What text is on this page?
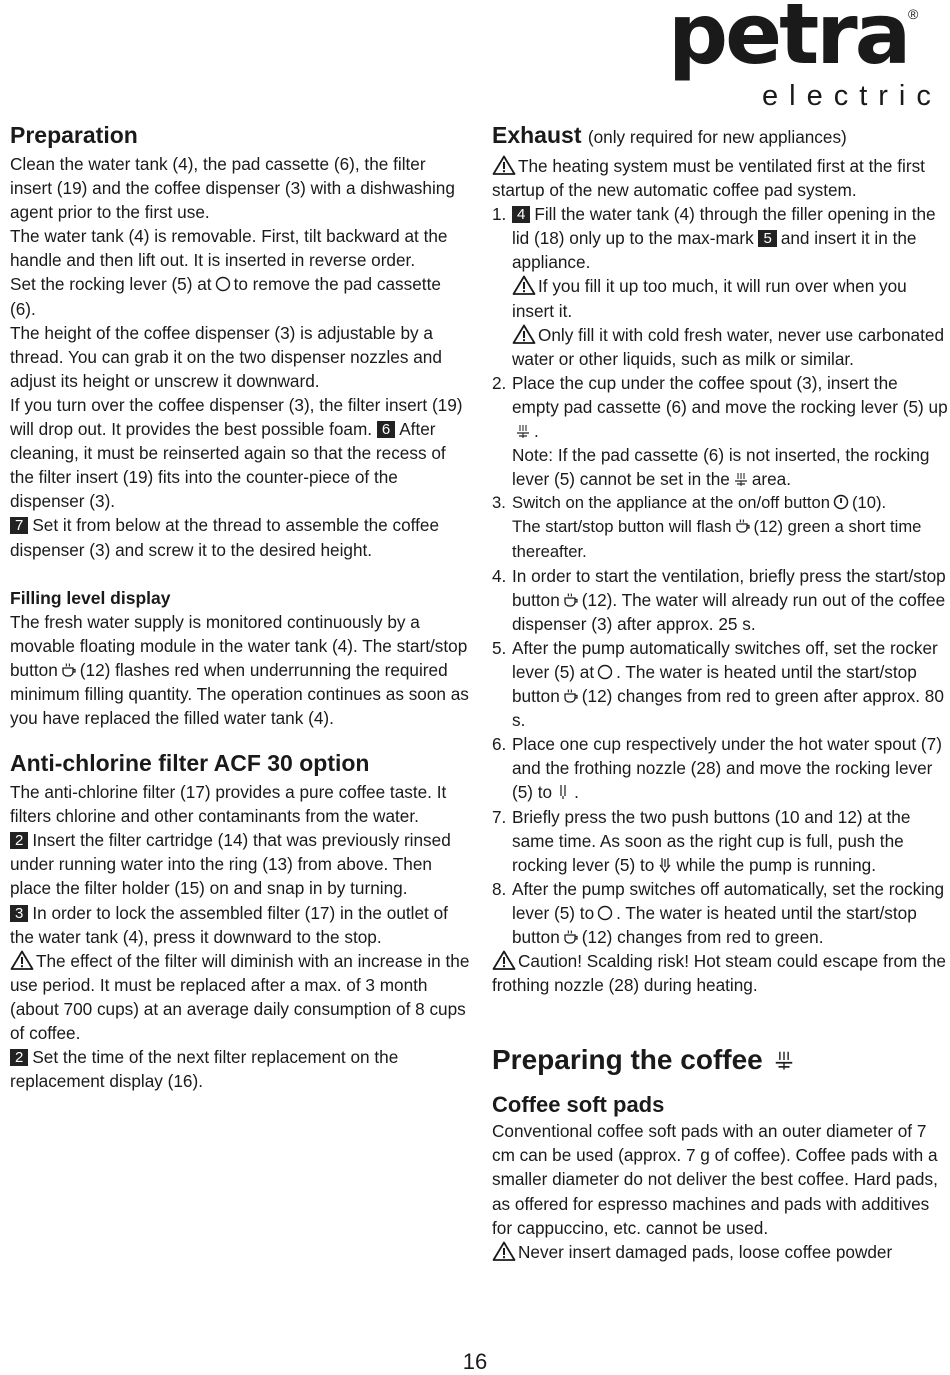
petra ®
electric
Preparation

Clean the water tank (4), the pad cassette (6), the filter insert (19) and the coffee dispenser (3) with a dishwashing agent prior to the first use.

The water tank (4) is removable. First, tilt backward at the handle and then lift out. It is inserted in reverse order.

Set the rocking lever (5) at to remove the pad cassette (6).

The height of the coffee dispenser (3) is adjustable by a thread. You can grab it on the two dispenser nozzles and adjust its height or unscrew it downward.

If you turn over the coffee dispenser (3), the filter insert (19) will drop out. It provides the best possible foam. 6 After cleaning, it must be reinserted again so that the recess of the filter insert (19) fits into the counter-piece of the dispenser (3).

7 Set it from below at the thread to assemble the coffee dispenser (3) and screw it to the desired height.

Filling level display

The fresh water supply is monitored continuously by a movable floating module in the water tank (4). The start/stop button (12) flashes red when underrunning the required minimum filling quantity. The operation continues as soon as you have replaced the filled water tank (4).

Anti-chlorine filter ACF 30 option

The anti-chlorine filter (17) provides a pure coffee taste. It filters chlorine and other contaminants from the water.

2 Insert the filter cartridge (14) that was previously rinsed under running water into the ring (13) from above. Then place the filter holder (15) on and snap in by turning.

3 In order to lock the assembled filter (17) in the outlet of the water tank (4), press it downward to the stop.

The effect of the filter will diminish with an increase in the use period. It must be replaced after a max. of 3 month (about 700 cups) at an average daily consumption of 8 cups of coffee.

2 Set the time of the next filter replacement on the replacement display (16).

Exhaust (only required for new appliances)

The heating system must be ventilated first at the first startup of the new automatic coffee pad system.

1. 4 Fill the water tank (4) through the filler opening in the lid (18) only up to the max-mark 5 and insert it in the appliance.
If you fill it up too much, it will run over when you insert it.
Only fill it with cold fresh water, never use carbonated water or other liquids, such as milk or similar.
2. Place the cup under the coffee spout (3), insert the empty pad cassette (6) and move the rocking lever (5) up.
Note: If the pad cassette (6) is not inserted, the rocking lever (5) cannot be set in the area.
3. Switch on the appliance at the on/off button (10).
The start/stop button will flash (12) green a short time thereafter.
4. In order to start the ventilation, briefly press the start/stop button (12). The water will already run out of the coffee dispenser (3) after approx. 25 s.
5. After the pump automatically switches off, set the rocker lever (5) at . The water is heated until the start/stop button (12) changes from red to green after approx. 80 s.
6. Place one cup respectively under the hot water spout (7) and the frothing nozzle (28) and move the rocking lever (5) to .
7. Briefly press the two push buttons (10 and 12) at the same time. As soon as the right cup is full, push the rocking lever (5) to while the pump is running.
8. After the pump switches off automatically, set the rocking lever (5) to . The water is heated until the start/stop button (12) changes from red to green.

Caution! Scalding risk! Hot steam could escape from the frothing nozzle (28) during heating.

Preparing the coffee
Coffee soft pads

Conventional coffee soft pads with an outer diameter of 7 cm can be used (approx. 7 g of coffee). Coffee pads with a smaller diameter do not deliver the best coffee. Hard pads, as offered for espresso machines and pads with additives for cappuccino, etc. cannot be used.

Never insert damaged pads, loose coffee powder

16
